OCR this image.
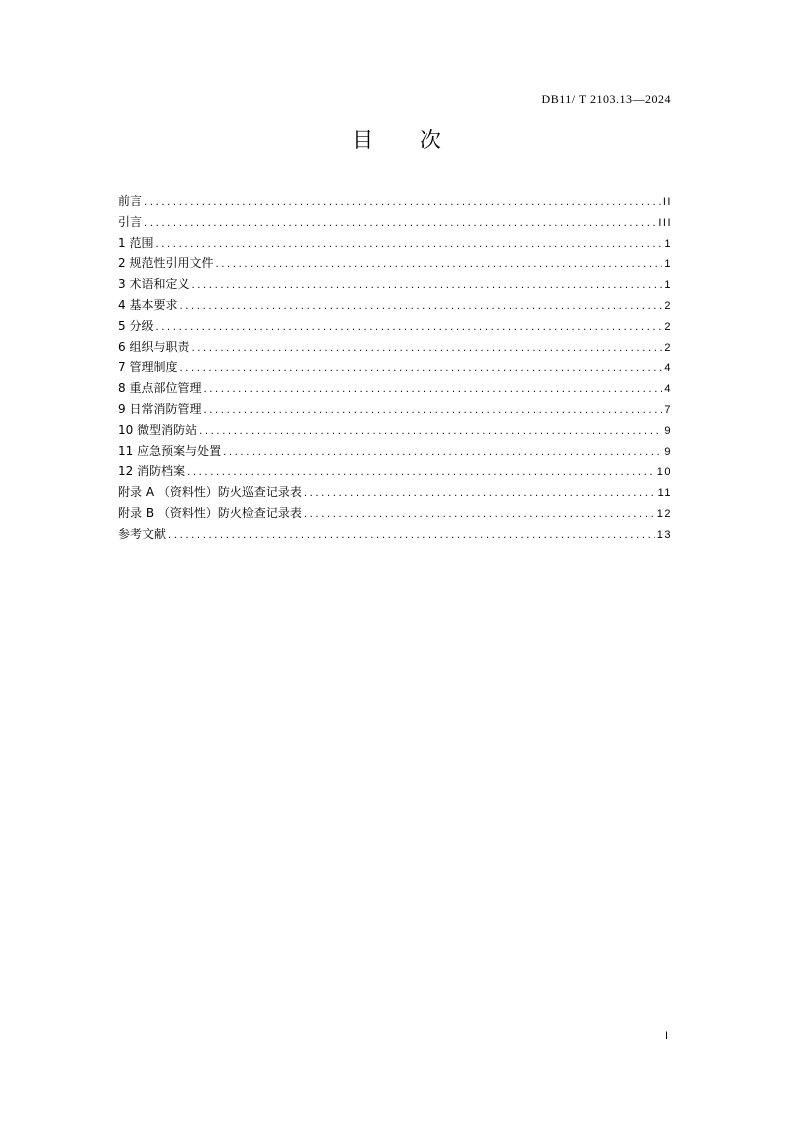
DB11/ T 2103.13—2024
目 次
前言 .....	II
引言 .....	III
1 范围 .....	1
2 规范性引用文件 .....	1
3 术语和定义 .....	1
4 基本要求 .....	2
5 分级 .....	2
6 组织与职责 .....	2
7 管理制度 .....	4
8 重点部位管理 .....	4
9 日常消防管理 .....	7
10 微型消防站 .....	9
11 应急预案与处置 .....	9
12 消防档案 .....	10
附录 A （资料性）防火巡查记录表 .....	11
附录 B （资料性）防火检查记录表 .....	12
参考文献 .....	13
I
